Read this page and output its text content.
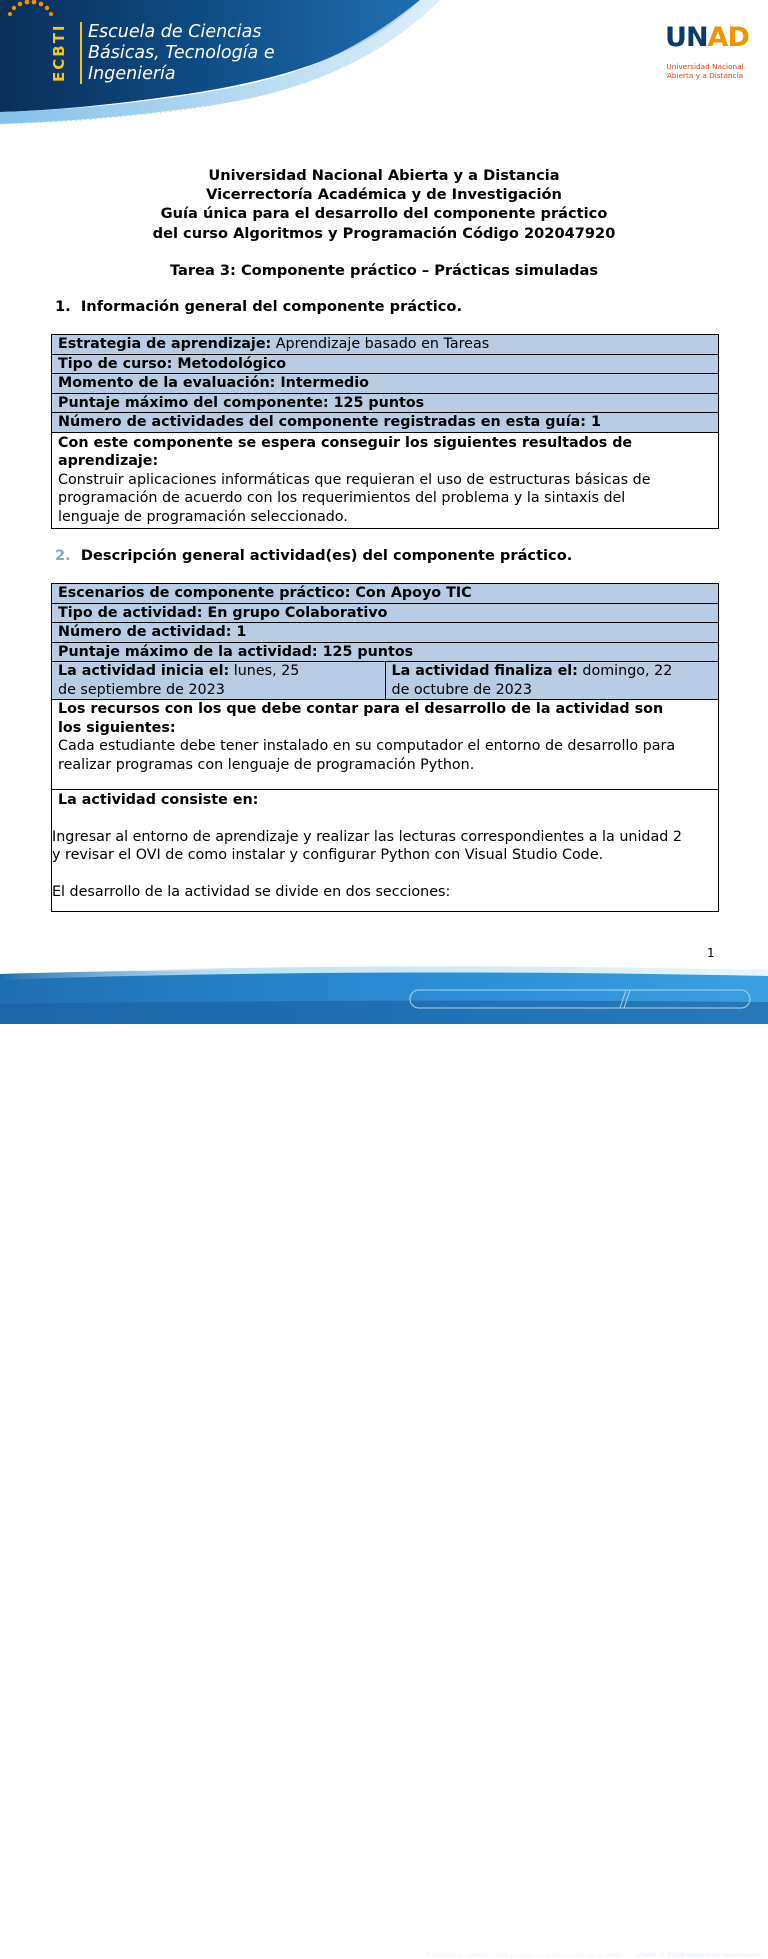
ECBTI	Escuela de Ciencias
Básicas, Tecnología e
Ingeniería
UNAD
Universidad Nacional
Abierta y a Distancia
Universidad Nacional Abierta y a Distancia
Vicerrectoría Académica y de Investigación
Guía única para el desarrollo del componente práctico
del curso Algoritmos y Programación Código 202047920
Tarea 3: Componente práctico – Prácticas simuladas
1. Información general del componente práctico.
Estrategia de aprendizaje: Aprendizaje basado en Tareas
Tipo de curso: Metodológico
Momento de la evaluación: Intermedio
Puntaje máximo del componente: 125 puntos
Número de actividades del componente registradas en esta guía: 1

Con este componente se espera conseguir los siguientes resultados de
aprendizaje:
Construir aplicaciones informáticas que requieran el uso de estructuras básicas de
programación de acuerdo con los requerimientos del problema y la sintaxis del
lenguaje de programación seleccionado.
2. Descripción general actividad(es) del componente práctico.
Escenarios de componente práctico: Con Apoyo TIC
Tipo de actividad: En grupo Colaborativo
Número de actividad: 1
Puntaje máximo de la actividad: 125 puntos

La actividad inicia el: lunes, 25
de septiembre de 2023

La actividad finaliza el: domingo, 22
de octubre de 2023

Los recursos con los que debe contar para el desarrollo de la actividad son
los siguientes:
Cada estudiante debe tener instalado en su computador el entorno de desarrollo para
realizar programas con lenguaje de programación Python.

La actividad consiste en:
Ingresar al entorno de aprendizaje y realizar las lecturas correspondientes a la unidad 2
y revisar el OVI de como instalar y configurar Python con Visual Studio Code.
El desarrollo de la actividad se divide en dos secciones:
1
Prohibida su reproducción y copia sin autorización de la UNAD. UNAD © 2020 derechos reservados.
